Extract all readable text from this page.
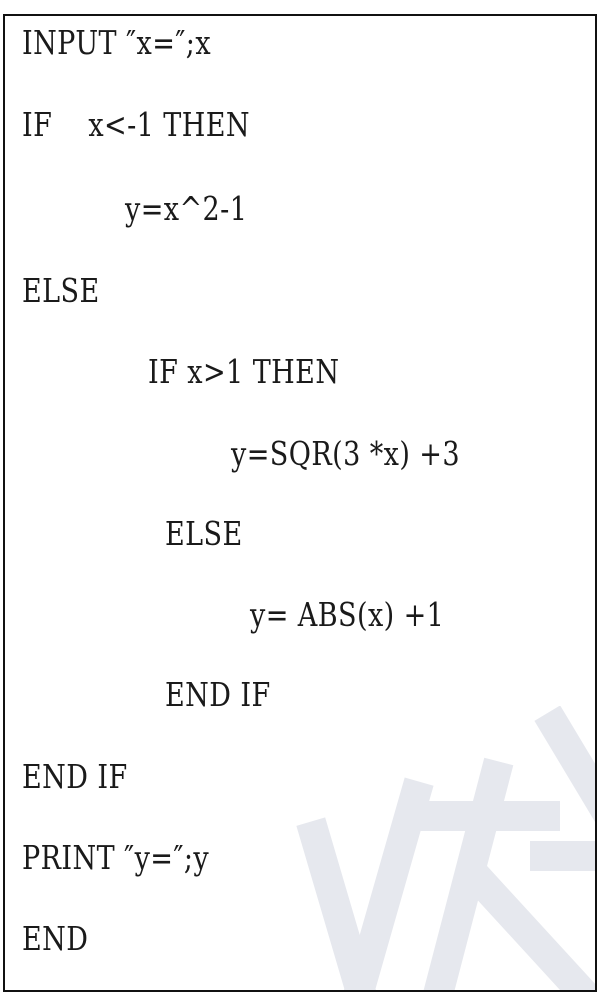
INPUT ″x=″;x
IF    x<-1 THEN
y=x^2-1
ELSE
IF x>1 THEN
y=SQR(3 *x) +3
ELSE
y= ABS(x) +1
END IF
END IF
PRINT ″y=″;y
END
